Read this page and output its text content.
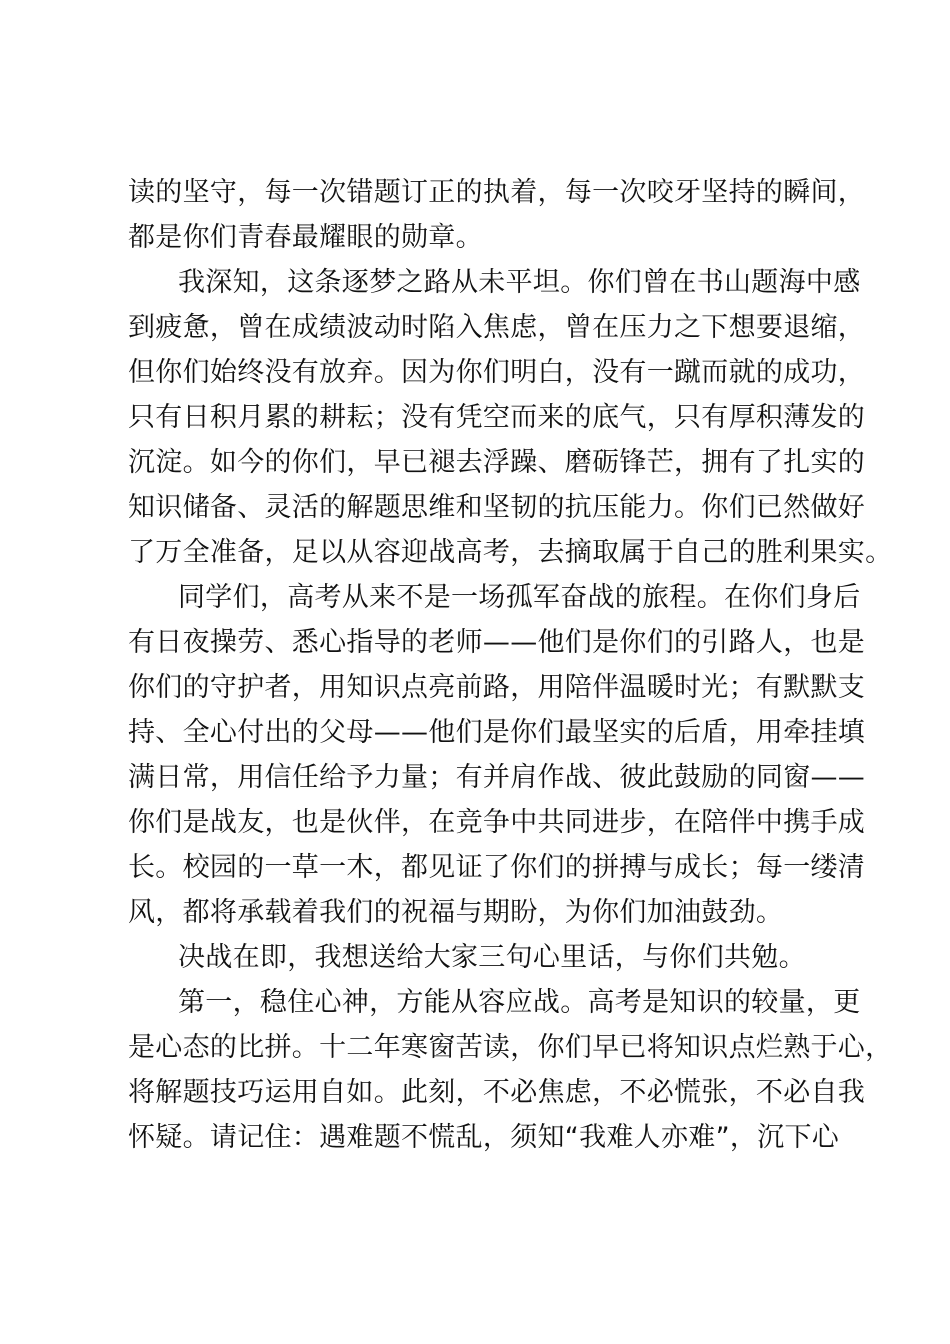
读的坚守，每一次错题订正的执着，每一次咬牙坚持的瞬间，
都是你们青春最耀眼的勋章。
我深知，这条逐梦之路从未平坦。你们曾在书山题海中感
到疲惫，曾在成绩波动时陷入焦虑，曾在压力之下想要退缩，
但你们始终没有放弃。因为你们明白，没有一蹴而就的成功，
只有日积月累的耕耘；没有凭空而来的底气，只有厚积薄发的
沉淀。如今的你们，早已褪去浮躁、磨砺锋芒，拥有了扎实的
知识储备、灵活的解题思维和坚韧的抗压能力。你们已然做好
了万全准备，足以从容迎战高考，去摘取属于自己的胜利果实。
同学们，高考从来不是一场孤军奋战的旅程。在你们身后
有日夜操劳、悉心指导的老师——他们是你们的引路人，也是
你们的守护者，用知识点亮前路，用陪伴温暖时光；有默默支
持、全心付出的父母——他们是你们最坚实的后盾，用牵挂填
满日常，用信任给予力量；有并肩作战、彼此鼓励的同窗——
你们是战友，也是伙伴，在竞争中共同进步，在陪伴中携手成
长。校园的一草一木，都见证了你们的拼搏与成长；每一缕清
风，都将承载着我们的祝福与期盼，为你们加油鼓劲。
决战在即，我想送给大家三句心里话，与你们共勉。
第一，稳住心神，方能从容应战。高考是知识的较量，更
是心态的比拼。十二年寒窗苦读，你们早已将知识点烂熟于心，
将解题技巧运用自如。此刻，不必焦虑，不必慌张，不必自我
怀疑。请记住：遇难题不慌乱，须知“我难人亦难”，沉下心
